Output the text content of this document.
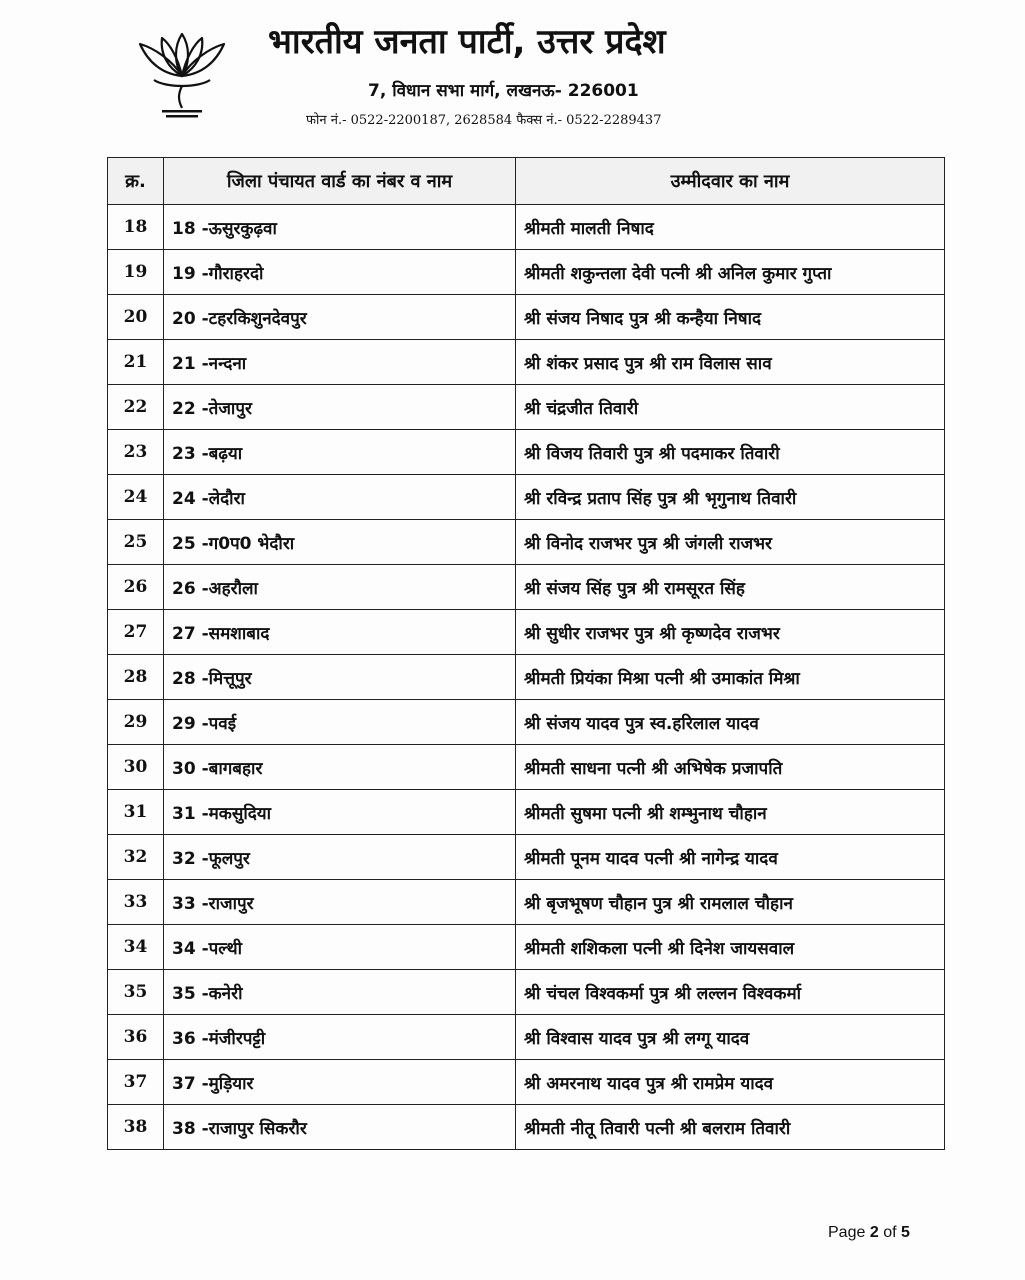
भारतीय जनता पार्टी, उत्तर प्रदेश
7, विधान सभा मार्ग, लखनऊ- 226001
फोन नं.- 0522-2200187, 2628584 फैक्स नं.- 0522-2289437
क्र.	जिला पंचायत वार्ड का नंबर व नाम	उम्मीदवार का नाम
18	18 -ऊसुरकुढ़वा	श्रीमती मालती निषाद
19	19 -गौराहरदो	श्रीमती शकुन्तला देवी पत्नी श्री अनिल कुमार गुप्ता
20	20 -टहरकिशुनदेवपुर	श्री संजय निषाद पुत्र श्री कन्हैया निषाद
21	21 -नन्दना	श्री शंकर प्रसाद पुत्र श्री राम विलास साव
22	22 -तेजापुर	श्री चंद्रजीत तिवारी
23	23 -बढ़या	श्री विजय तिवारी पुत्र श्री पदमाकर तिवारी
24	24 -लेदौरा	श्री रविन्द्र प्रताप सिंह पुत्र श्री भृगुनाथ तिवारी
25	25 -ग0प0 भेदौरा	श्री विनोद राजभर पुत्र श्री जंगली राजभर
26	26 -अहरौला	श्री संजय सिंह पुत्र श्री रामसूरत सिंह
27	27 -समशाबाद	श्री सुधीर राजभर पुत्र श्री कृष्णदेव राजभर
28	28 -मित्तूपुर	श्रीमती प्रियंका मिश्रा पत्नी श्री उमाकांत मिश्रा
29	29 -पवई	श्री संजय यादव पुत्र स्व.हरिलाल यादव
30	30 -बागबहार	श्रीमती साधना पत्नी श्री अभिषेक प्रजापति
31	31 -मकसुदिया	श्रीमती सुषमा पत्नी श्री शम्भुनाथ चौहान
32	32 -फूलपुर	श्रीमती पूनम यादव पत्नी श्री नागेन्द्र यादव
33	33 -राजापुर	श्री बृजभूषण चौहान पुत्र श्री रामलाल चौहान
34	34 -पल्थी	श्रीमती शशिकला पत्नी श्री दिनेश जायसवाल
35	35 -कनेरी	श्री चंचल विश्वकर्मा पुत्र श्री लल्लन विश्वकर्मा
36	36 -मंजीरपट्टी	श्री विश्वास यादव पुत्र श्री लग्गू यादव
37	37 -मुड़ियार	श्री अमरनाथ यादव पुत्र श्री रामप्रेम यादव
38	38 -राजापुर सिकरौर	श्रीमती नीतू तिवारी पत्नी श्री बलराम तिवारी
Page 2 of 5
